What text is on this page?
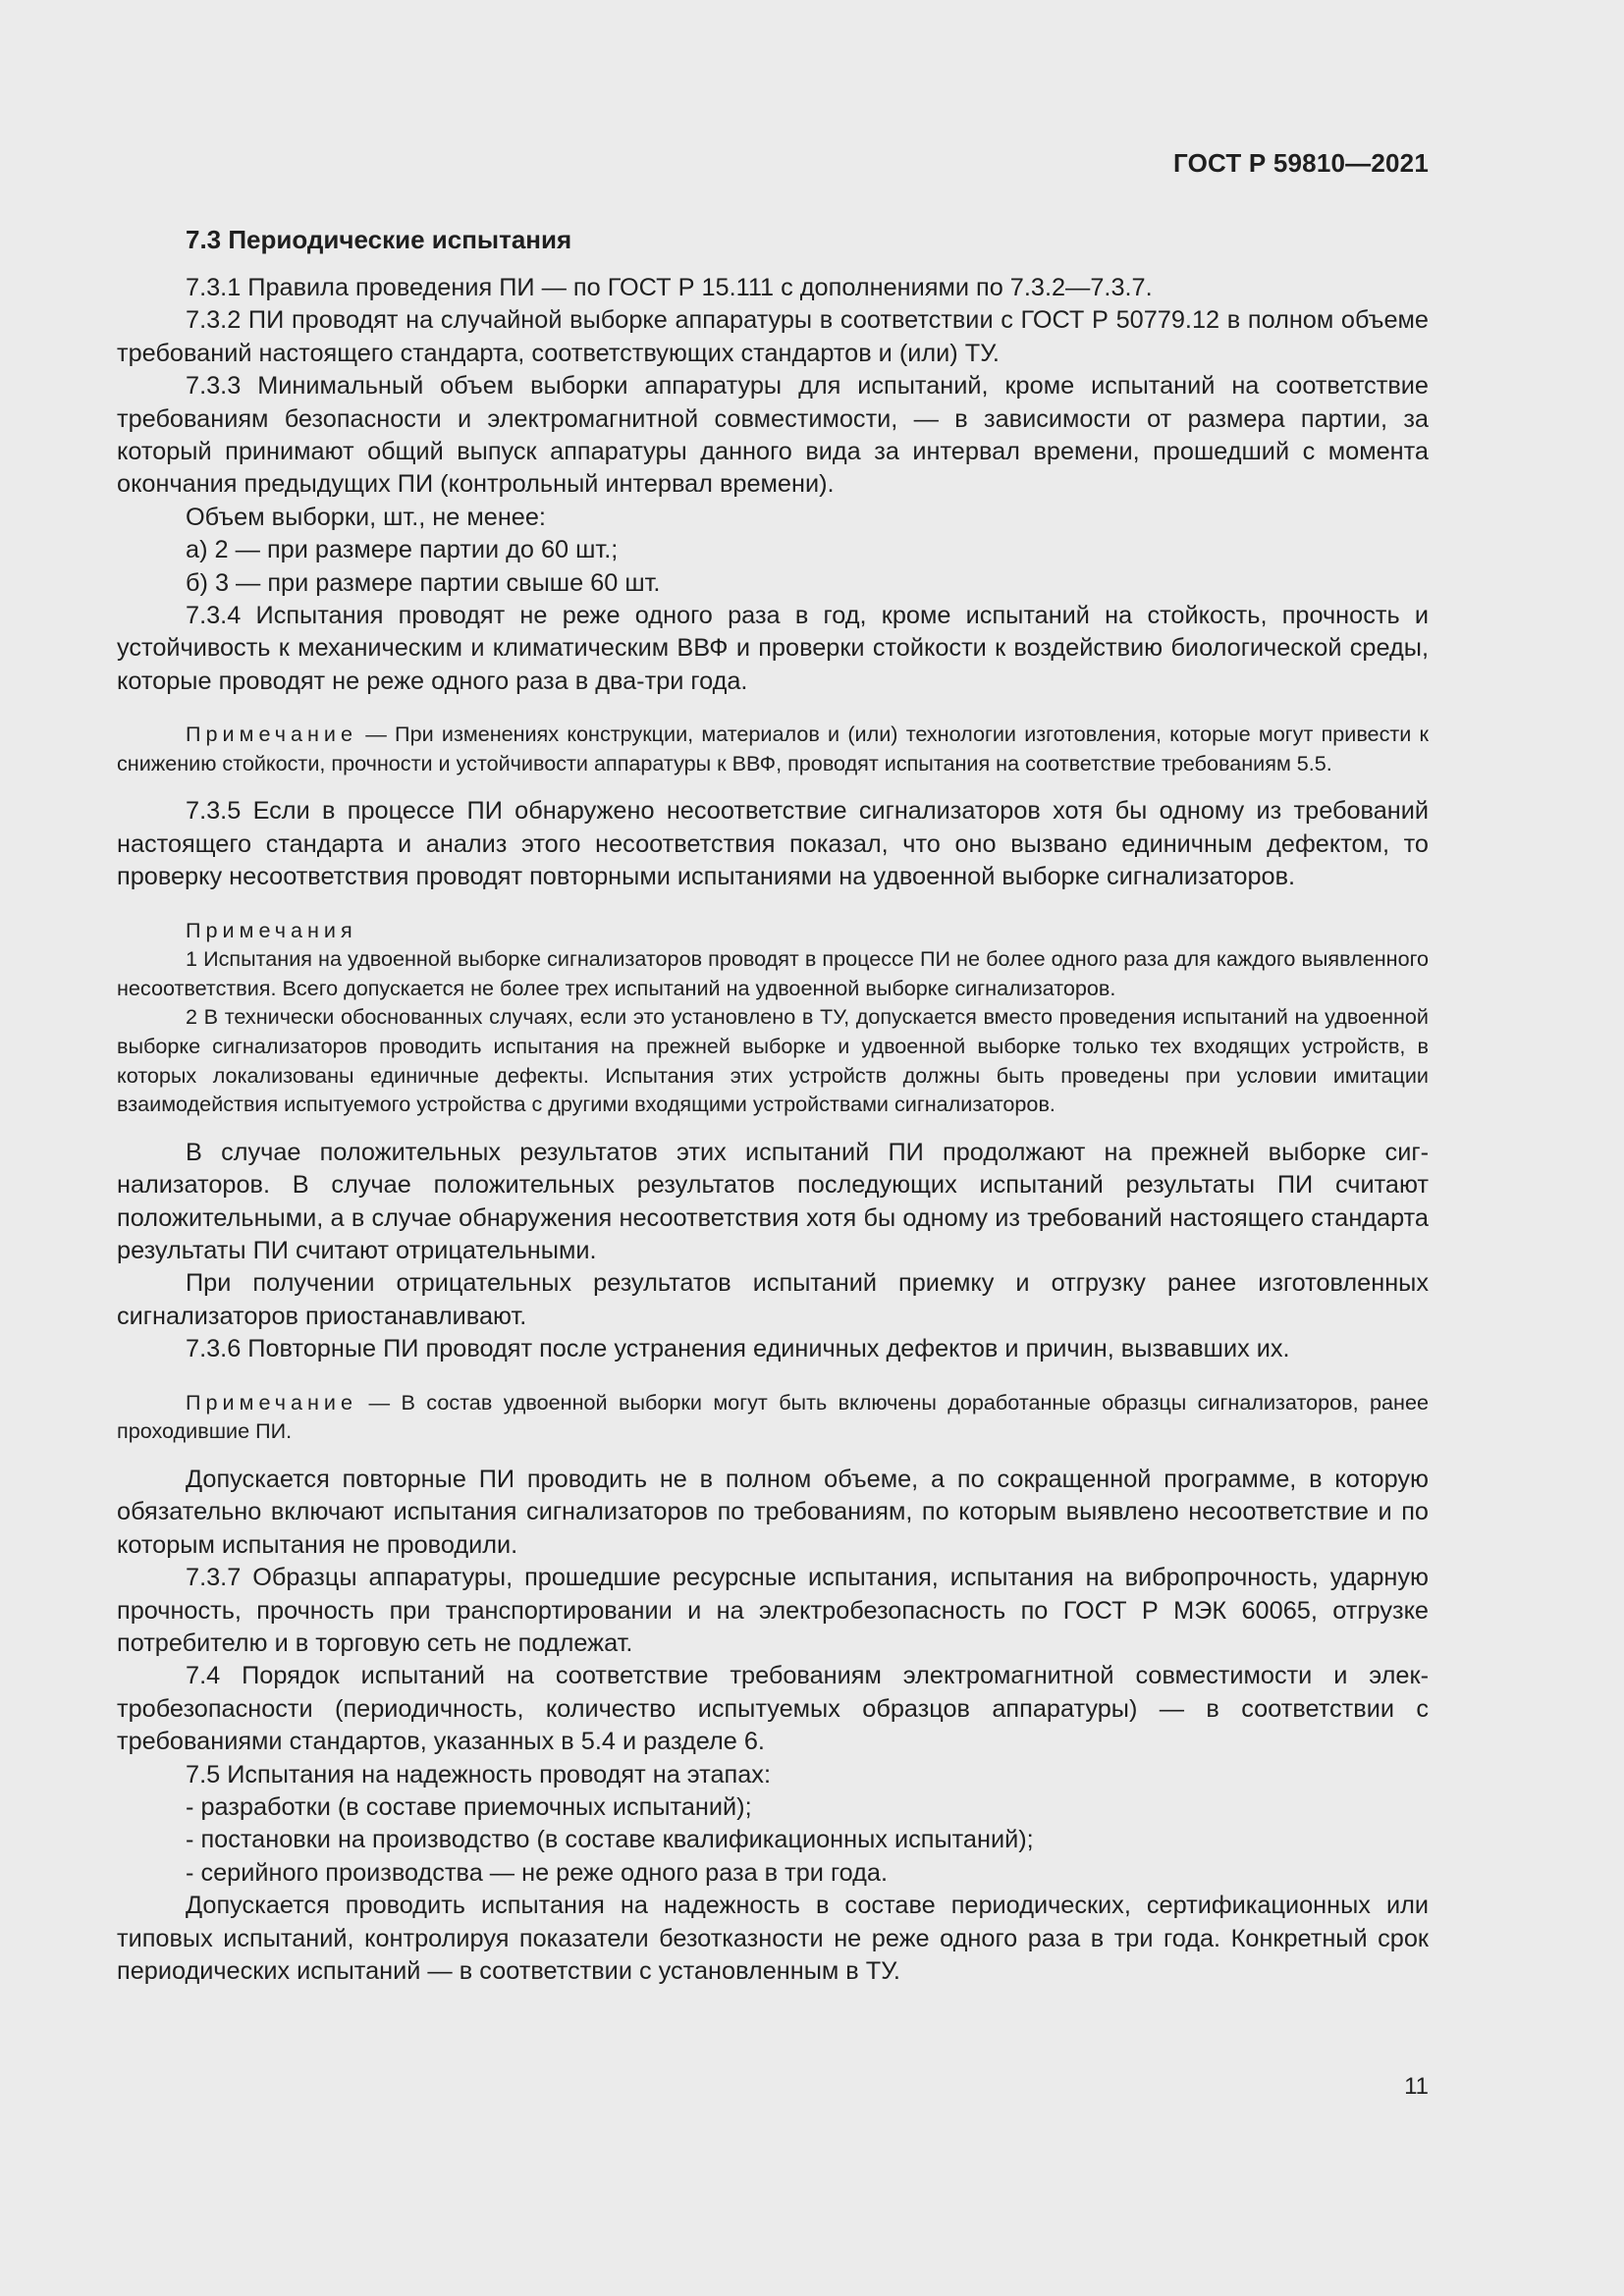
ГОСТ Р 59810—2021
7.3 Периодические испытания

7.3.1 Правила проведения ПИ — по ГОСТ Р 15.111 с дополнениями по 7.3.2—7.3.7.

7.3.2 ПИ проводят на случайной выборке аппаратуры в соответствии с ГОСТ Р 50779.12 в полном объеме требований настоящего стандарта, соответствующих стандартов и (или) ТУ.

7.3.3 Минимальный объем выборки аппаратуры для испытаний, кроме испытаний на соответствие требованиям безопасности и электромагнитной совместимости, — в зависимости от размера партии, за который принимают общий выпуск аппаратуры данного вида за интервал времени, прошедший с момента окончания предыдущих ПИ (контрольный интервал времени).

Объем выборки, шт., не менее:

а) 2 — при размере партии до 60 шт.;

б) 3 — при размере партии свыше 60 шт.

7.3.4 Испытания проводят не реже одного раза в год, кроме испытаний на стойкость, прочность и устойчивость к механическим и климатическим ВВФ и проверки стойкости к воздействию биологической среды, которые проводят не реже одного раза в два-три года.

Примечание — При изменениях конструкции, материалов и (или) технологии изготовления, которые могут привести к снижению стойкости, прочности и устойчивости аппаратуры к ВВФ, проводят испытания на соответствие требованиям 5.5.

7.3.5 Если в процессе ПИ обнаружено несоответствие сигнализаторов хотя бы одному из требований настоящего стандарта и анализ этого несоответствия показал, что оно вызвано единичным дефектом, то проверку несоответствия проводят повторными испытаниями на удвоенной выборке сигнализаторов.

Примечания

1 Испытания на удвоенной выборке сигнализаторов проводят в процессе ПИ не более одного раза для каждого выявленного несоответствия. Всего допускается не более трех испытаний на удвоенной выборке сигнализаторов.

2 В технически обоснованных случаях, если это установлено в ТУ, допускается вместо проведения испытаний на удвоенной выборке сигнализаторов проводить испытания на прежней выборке и удвоенной выборке только тех входящих устройств, в которых локализованы единичные дефекты. Испытания этих устройств должны быть проведены при условии имитации взаимодействия испытуемого устройства с другими входящими устройствами сигнализаторов.

В случае положительных результатов этих испытаний ПИ продолжают на прежней выборке сигнализаторов. В случае положительных результатов последующих испытаний результаты ПИ считают положительными, а в случае обнаружения несоответствия хотя бы одному из требований настоящего стандарта результаты ПИ считают отрицательными.

При получении отрицательных результатов испытаний приемку и отгрузку ранее изготовленных сигнализаторов приостанавливают.

7.3.6 Повторные ПИ проводят после устранения единичных дефектов и причин, вызвавших их.

Примечание — В состав удвоенной выборки могут быть включены доработанные образцы сигнализаторов, ранее проходившие ПИ.

Допускается повторные ПИ проводить не в полном объеме, а по сокращенной программе, в которую обязательно включают испытания сигнализаторов по требованиям, по которым выявлено несоответствие и по которым испытания не проводили.

7.3.7 Образцы аппаратуры, прошедшие ресурсные испытания, испытания на вибропрочность, ударную прочность, прочность при транспортировании и на электробезопасность по ГОСТ Р МЭК 60065, отгрузке потребителю и в торговую сеть не подлежат.

7.4 Порядок испытаний на соответствие требованиям электромагнитной совместимости и электробезопасности (периодичность, количество испытуемых образцов аппаратуры) — в соответствии с требованиями стандартов, указанных в 5.4 и разделе 6.

7.5 Испытания на надежность проводят на этапах:

- разработки (в составе приемочных испытаний);

- постановки на производство (в составе квалификационных испытаний);

- серийного производства — не реже одного раза в три года.

Допускается проводить испытания на надежность в составе периодических, сертификационных или типовых испытаний, контролируя показатели безотказности не реже одного раза в три года. Конкретный срок периодических испытаний — в соответствии с установленным в ТУ.

11
